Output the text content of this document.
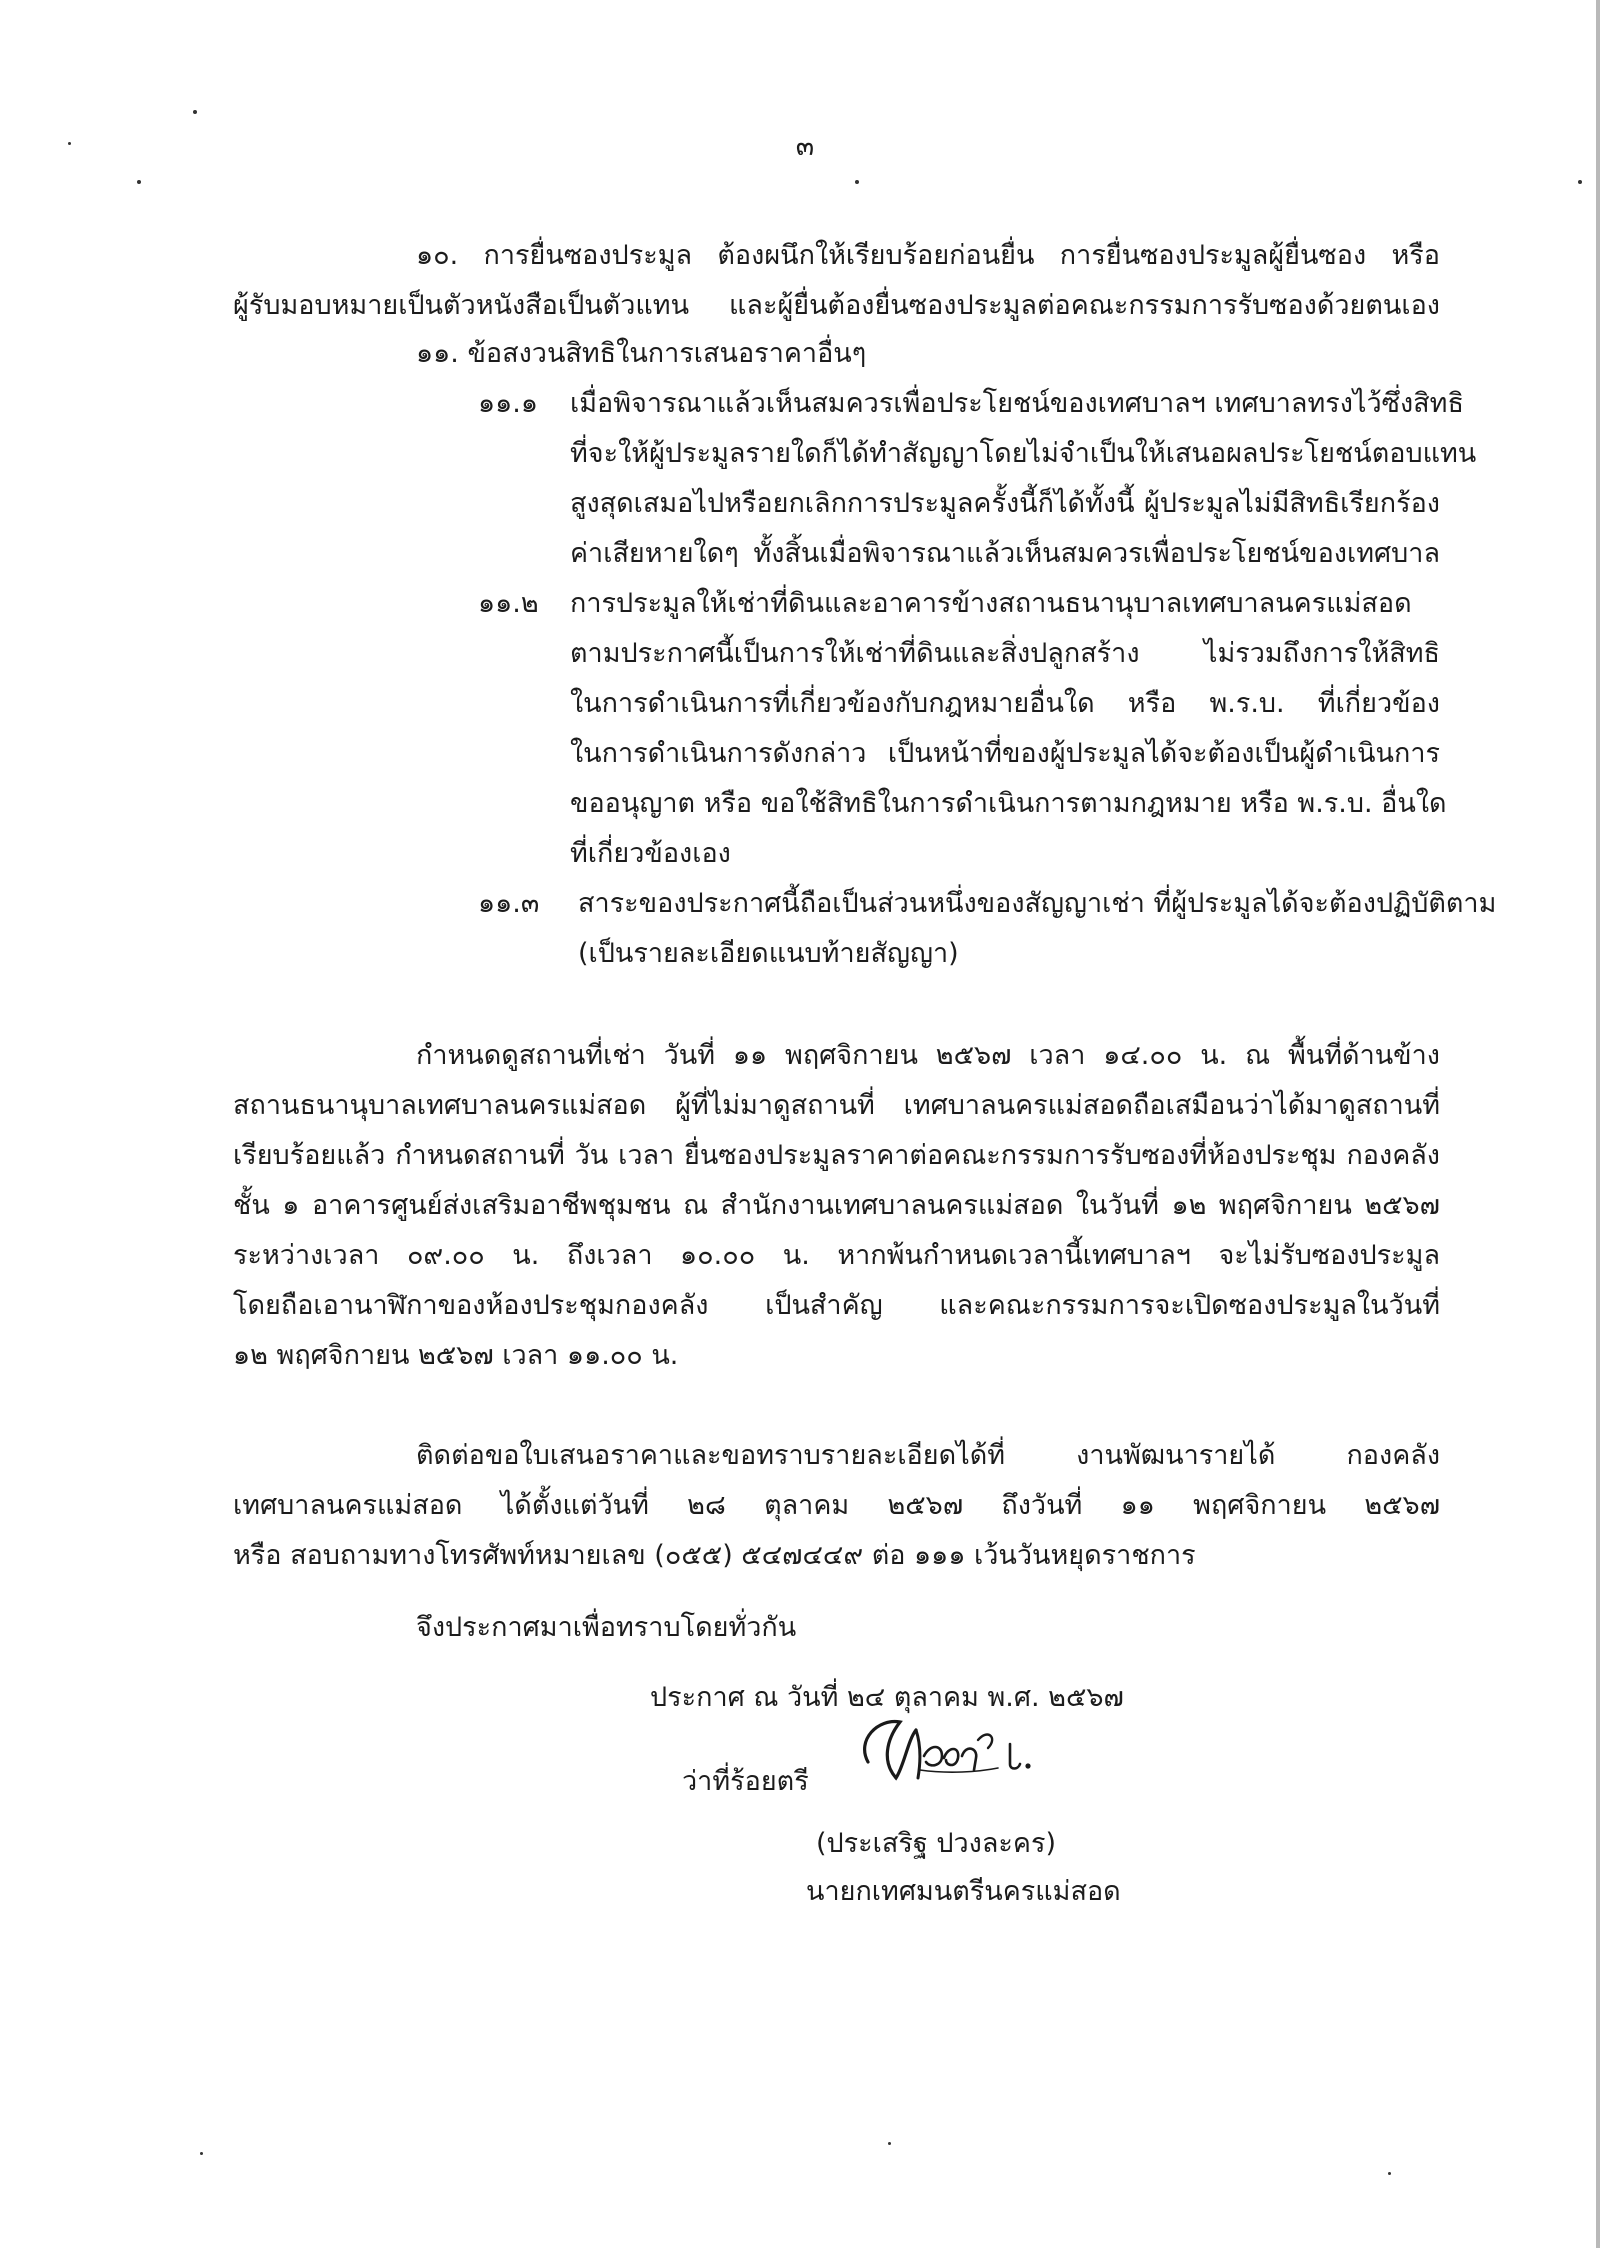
๓
๑๐. การยื่นซองประมูล ต้องผนึกให้เรียบร้อยก่อนยื่น การยื่นซองประมูลผู้ยื่นซอง หรือ
ผู้รับมอบหมายเป็นตัวหนังสือเป็นตัวแทน และผู้ยื่นต้องยื่นซองประมูลต่อคณะกรรมการรับซองด้วยตนเอง
๑๑. ข้อสงวนสิทธิในการเสนอราคาอื่นๆ
๑๑.๑ เมื่อพิจารณาแล้วเห็นสมควรเพื่อประโยชน์ของเทศบาลฯ เทศบาลทรงไว้ซึ่งสิทธิ
ที่จะให้ผู้ประมูลรายใดก็ได้ทำสัญญาโดยไม่จำเป็นให้เสนอผลประโยชน์ตอบแทน
สูงสุดเสมอไปหรือยกเลิกการประมูลครั้งนี้ก็ได้ทั้งนี้ ผู้ประมูลไม่มีสิทธิเรียกร้อง
ค่าเสียหายใดๆ ทั้งสิ้นเมื่อพิจารณาแล้วเห็นสมควรเพื่อประโยชน์ของเทศบาล
๑๑.๒ การประมูลให้เช่าที่ดินและอาคารข้างสถานธนานุบาลเทศบาลนครแม่สอด
ตามประกาศนี้เป็นการให้เช่าที่ดินและสิ่งปลูกสร้าง ไม่รวมถึงการให้สิทธิ
ในการดำเนินการที่เกี่ยวข้องกับกฎหมายอื่นใด หรือ พ.ร.บ. ที่เกี่ยวข้อง
ในการดำเนินการดังกล่าว เป็นหน้าที่ของผู้ประมูลได้จะต้องเป็นผู้ดำเนินการ
ขออนุญาต หรือ ขอใช้สิทธิในการดำเนินการตามกฎหมาย หรือ พ.ร.บ. อื่นใด
ที่เกี่ยวข้องเอง
๑๑.๓ สาระของประกาศนี้ถือเป็นส่วนหนึ่งของสัญญาเช่า ที่ผู้ประมูลได้จะต้องปฏิบัติตาม
(เป็นรายละเอียดแนบท้ายสัญญา)
กำหนดดูสถานที่เช่า วันที่ ๑๑ พฤศจิกายน ๒๕๖๗ เวลา ๑๔.๐๐ น. ณ พื้นที่ด้านข้าง
สถานธนานุบาลเทศบาลนครแม่สอด ผู้ที่ไม่มาดูสถานที่ เทศบาลนครแม่สอดถือเสมือนว่าได้มาดูสถานที่
เรียบร้อยแล้ว กำหนดสถานที่ วัน เวลา ยื่นซองประมูลราคาต่อคณะกรรมการรับซองที่ห้องประชุม กองคลัง
ชั้น ๑ อาคารศูนย์ส่งเสริมอาชีพชุมชน ณ สำนักงานเทศบาลนครแม่สอด ในวันที่ ๑๒ พฤศจิกายน ๒๕๖๗
ระหว่างเวลา ๐๙.๐๐ น. ถึงเวลา ๑๐.๐๐ น. หากพ้นกำหนดเวลานี้เทศบาลฯ จะไม่รับซองประมูล
โดยถือเอานาฬิกาของห้องประชุมกองคลัง เป็นสำคัญ และคณะกรรมการจะเปิดซองประมูลในวันที่
๑๒ พฤศจิกายน ๒๕๖๗ เวลา ๑๑.๐๐ น.
ติดต่อขอใบเสนอราคาและขอทราบรายละเอียดได้ที่ งานพัฒนารายได้ กองคลัง
เทศบาลนครแม่สอด ได้ตั้งแต่วันที่ ๒๘ ตุลาคม ๒๕๖๗ ถึงวันที่ ๑๑ พฤศจิกายน ๒๕๖๗
หรือ สอบถามทางโทรศัพท์หมายเลข (๐๕๕) ๕๔๗๔๔๙ ต่อ ๑๑๑ เว้นวันหยุดราชการ
จึงประกาศมาเพื่อทราบโดยทั่วกัน
ประกาศ ณ วันที่ ๒๔ ตุลาคม พ.ศ. ๒๕๖๗
ว่าที่ร้อยตรี
(ประเสริฐ ปวงละคร)
นายกเทศมนตรีนครแม่สอด
